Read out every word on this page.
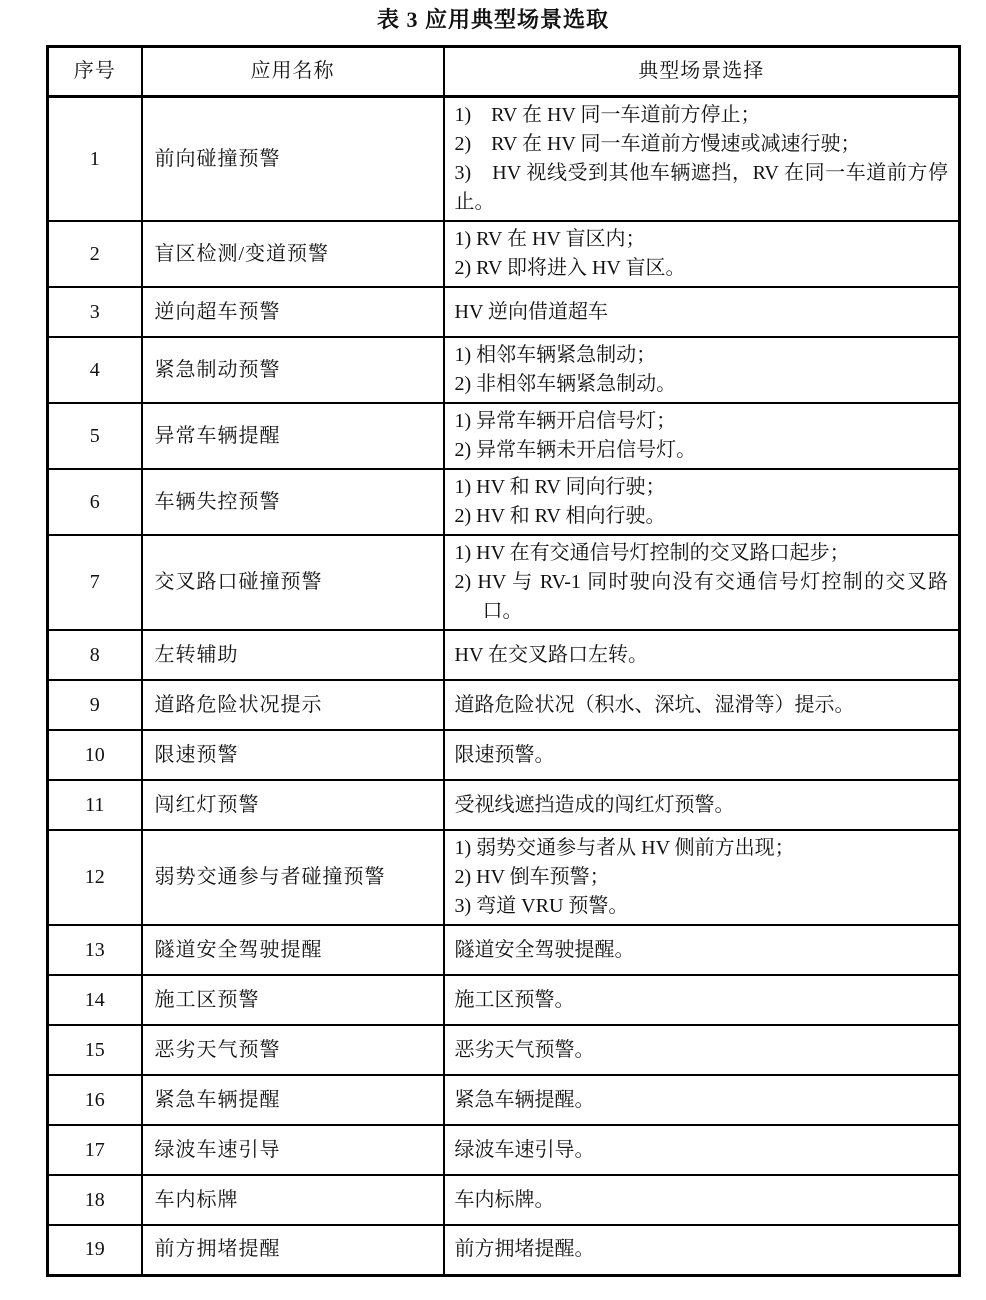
表 3 应用典型场景选取
序号	应用名称	典型场景选择
1	前向碰撞预警	1)　RV 在 HV 同一车道前方停止；
2)　RV 在 HV 同一车道前方慢速或减速行驶；
3)　HV 视线受到其他车辆遮挡，RV 在同一车道前方停止。

2	盲区检测/变道预警	1) RV 在 HV 盲区内；
2) RV 即将进入 HV 盲区。

3	逆向超车预警	HV 逆向借道超车

4	紧急制动预警	1) 相邻车辆紧急制动；
2) 非相邻车辆紧急制动。

5	异常车辆提醒	1) 异常车辆开启信号灯；
2) 异常车辆未开启信号灯。

6	车辆失控预警	1) HV 和 RV 同向行驶；
2) HV 和 RV 相向行驶。

7	交叉路口碰撞预警	1) HV 在有交通信号灯控制的交叉路口起步；
2) HV 与 RV-1 同时驶向没有交通信号灯控制的交叉路口。

8	左转辅助	HV 在交叉路口左转。

9	道路危险状况提示	道路危险状况（积水、深坑、湿滑等）提示。

10	限速预警	限速预警。

11	闯红灯预警	受视线遮挡造成的闯红灯预警。

12	弱势交通参与者碰撞预警	1) 弱势交通参与者从 HV 侧前方出现；
2) HV 倒车预警；
3) 弯道 VRU 预警。

13	隧道安全驾驶提醒	隧道安全驾驶提醒。

14	施工区预警	施工区预警。

15	恶劣天气预警	恶劣天气预警。

16	紧急车辆提醒	紧急车辆提醒。

17	绿波车速引导	绿波车速引导。

18	车内标牌	车内标牌。

19	前方拥堵提醒	前方拥堵提醒。
